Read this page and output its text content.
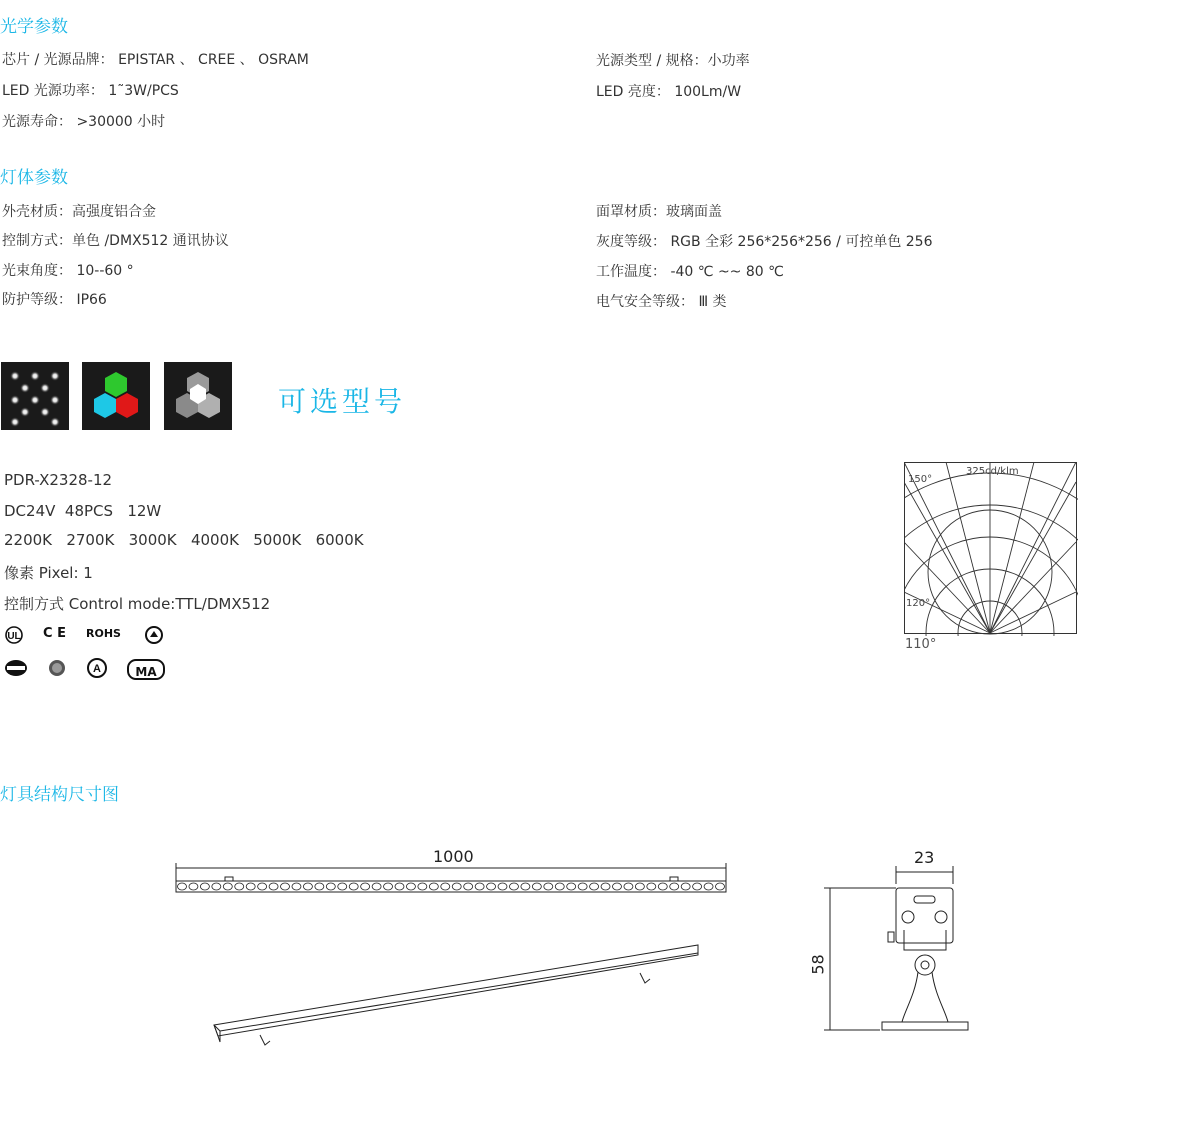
光学参数
芯片 / 光源品牌： EPISTAR 、 CREE 、 OSRAM	光源类型 / 规格：小功率
LED 光源功率： 1˜3W/PCS	LED 亮度： 100Lm/W
光源寿命： >30000 小时
灯体参数
外壳材质：高强度铝合金	面罩材质：玻璃面盖
控制方式：单色 /DMX512 通讯协议	灰度等级： RGB 全彩 256*256*256 / 可控单色 256
光束角度： 10--60 °	工作温度： -40 ℃ ~~ 80 ℃
防护等级： IP66	电气安全等级： Ⅲ 类
可选型号
PDR-X2328-12
DC24V  48PCS   12W
2200K   2700K   3000K   4000K   5000K   6000K
像素 Pixel: 1
控制方式 Control mode:TTL/DMX512
UL C E ROHS
A	MA
325cd/klm
150°
120°
110°
灯具结构尺寸图
1000	23
58
